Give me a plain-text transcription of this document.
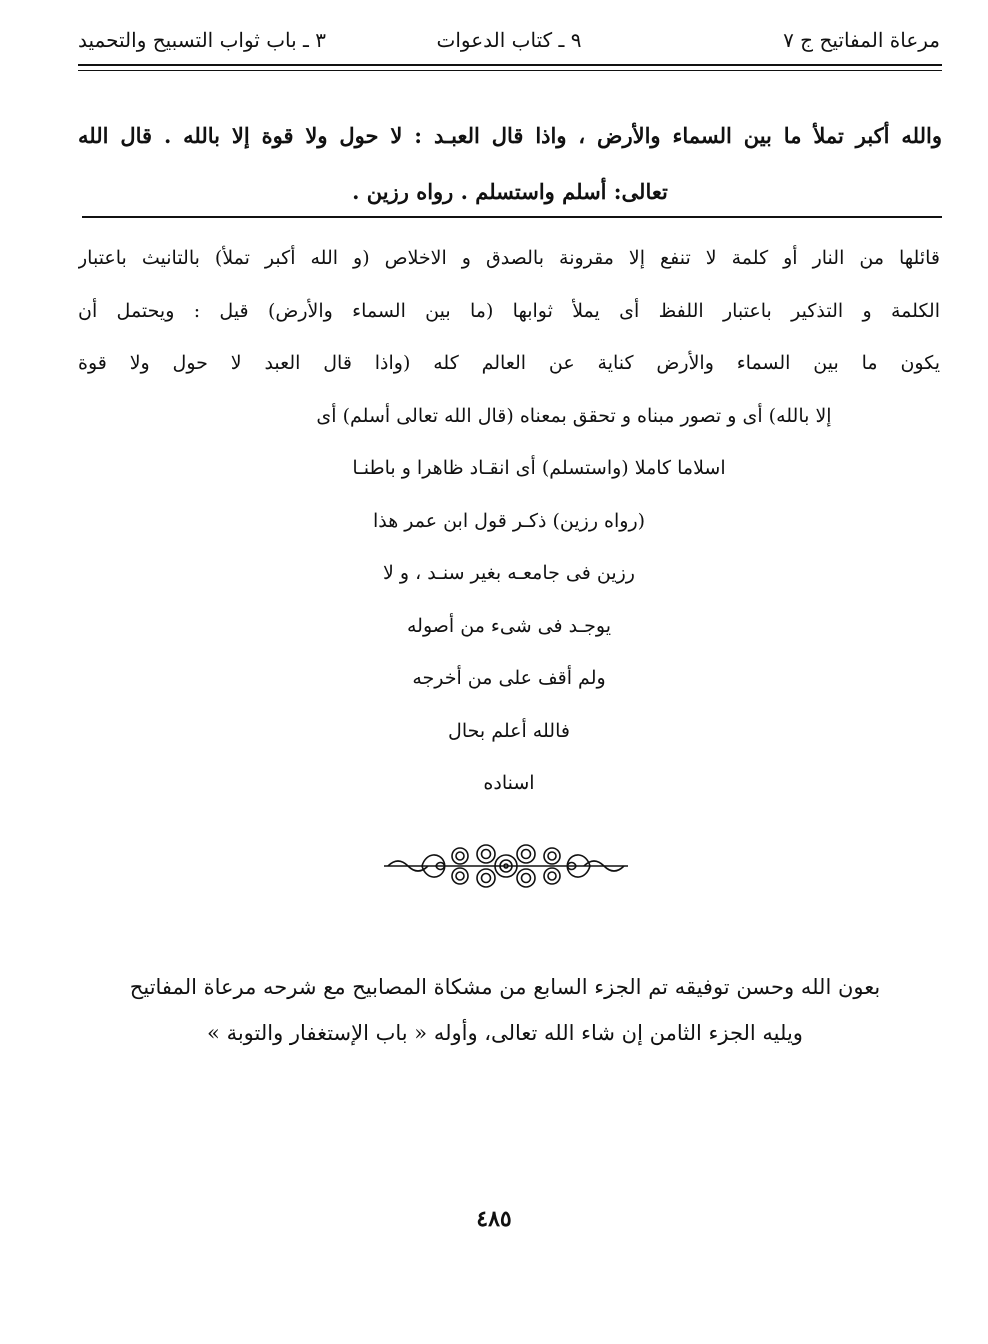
مرعاة المفاتيح ج ٧
٩ ـ كتاب الدعوات
٣ ـ باب ثواب التسبيح والتحميد

والله أكبر تملأ ما بين السماء والأرض ، واذا قال العبـد : لا حول ولا قوة إلا بالله . قال الله

تعالى: أسلم واستسلم . رواه رزين .

قائلها من النار أو كلمة لا تنفع إلا مقرونة بالصدق و الاخلاص (و الله أكبر تملأ) بالتانيث باعتبار
الكلمة و التذكير باعتبار اللفظ أى يملأ ثوابها (ما بين السماء والأرض) قيل : ويحتمل أن
يكون ما بين السماء والأرض كناية عن العالم كله (واذا قال العبد لا حول ولا قوة
إلا بالله) أى و تصور مبناه و تحقق بمعناه (قال الله تعالى أسلم) أى
اسلاما كاملا (واستسلم) أى انقـاد ظاهرا و باطنـا
(رواه رزين) ذكـر قول ابن عمر هذا
رزين فى جامعـه بغير سنـد ، و لا
يوجـد فى شىء من أصوله
ولم أقف على من أخرجه
فالله أعلم بحال
اسناده

بعون الله وحسن توفيقه تم الجزء السابع من مشكاة المصابيح مع شرحه مرعاة المفاتيح

ويليه الجزء الثامن إن شاء الله تعالى، وأوله « باب الإستغفار والتوبة »

٤٨٥
